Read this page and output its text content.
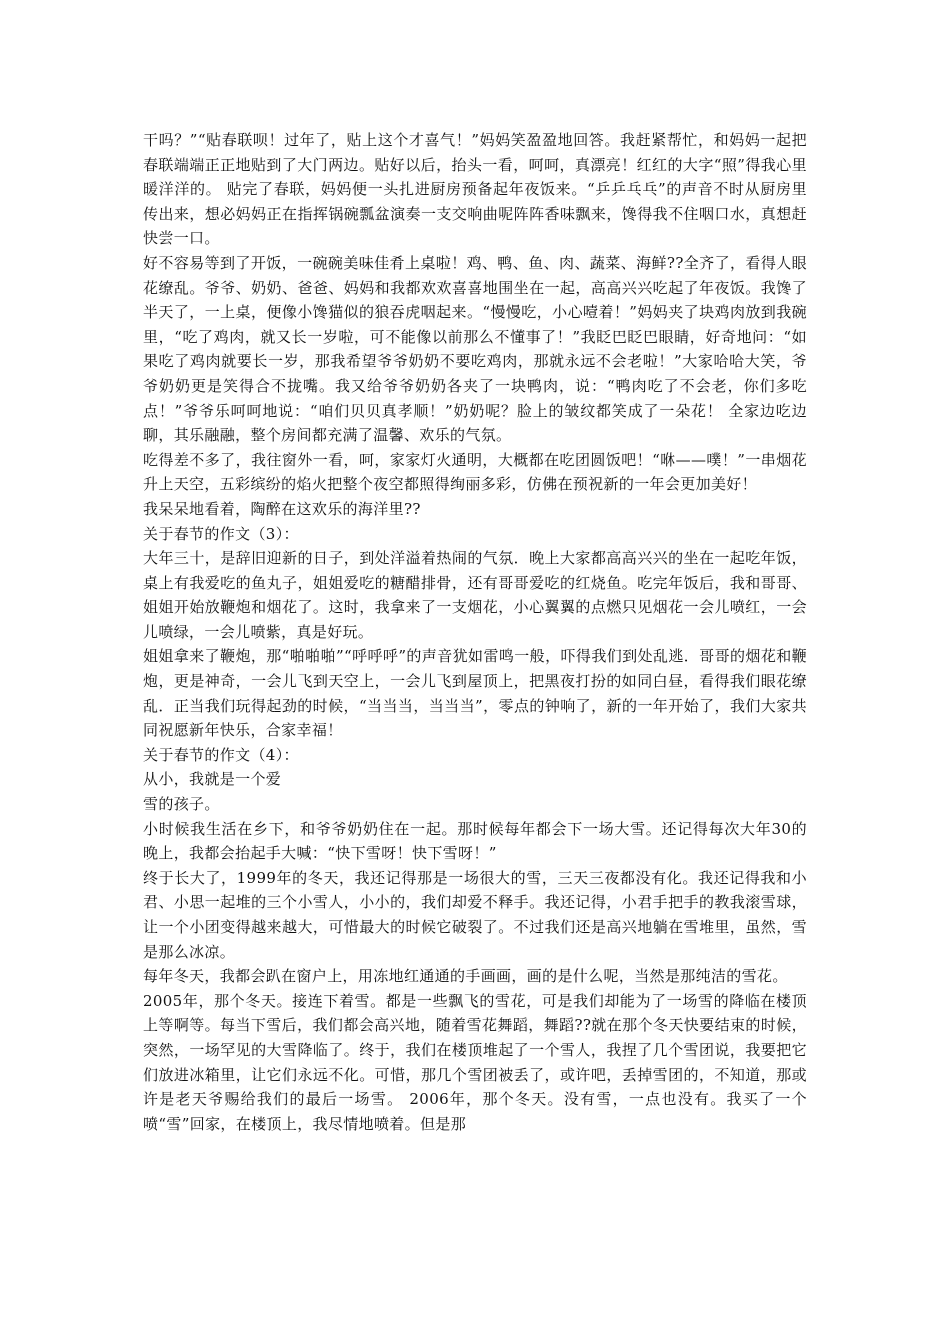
干吗？”“贴春联呗！过年了，贴上这个才喜气！”妈妈笑盈盈地回答。我赶紧帮忙，和妈妈一起把春联端端正正地贴到了大门两边。贴好以后，抬头一看，呵呵，真漂亮！红红的大字“照”得我心里暖洋洋的。 贴完了春联，妈妈便一头扎进厨房预备起年夜饭来。“乒乒乓乓”的声音不时从厨房里传出来，想必妈妈正在指挥锅碗瓢盆演奏一支交响曲呢阵阵香味飘来，馋得我不住咽口水，真想赶快尝一口。

好不容易等到了开饭，一碗碗美味佳肴上桌啦！鸡、鸭、鱼、肉、蔬菜、海鲜??全齐了，看得人眼花缭乱。爷爷、奶奶、爸爸、妈妈和我都欢欢喜喜地围坐在一起，高高兴兴吃起了年夜饭。我馋了半天了，一上桌，便像小馋猫似的狼吞虎咽起来。“慢慢吃，小心噎着！”妈妈夹了块鸡肉放到我碗里，“吃了鸡肉，就又长一岁啦，可不能像以前那么不懂事了！”我眨巴眨巴眼睛，好奇地问：“如果吃了鸡肉就要长一岁，那我希望爷爷奶奶不要吃鸡肉，那就永远不会老啦！”大家哈哈大笑，爷爷奶奶更是笑得合不拢嘴。我又给爷爷奶奶各夹了一块鸭肉，说：“鸭肉吃了不会老，你们多吃点！”爷爷乐呵呵地说：“咱们贝贝真孝顺！”奶奶呢？脸上的皱纹都笑成了一朵花！ 全家边吃边聊，其乐融融，整个房间都充满了温馨、欢乐的气氛。

吃得差不多了，我往窗外一看，呵，家家灯火通明，大概都在吃团圆饭吧！“咻——噗！”一串烟花升上天空，五彩缤纷的焰火把整个夜空都照得绚丽多彩，仿佛在预祝新的一年会更加美好！

我呆呆地看着，陶醉在这欢乐的海洋里??

关于春节的作文（3）：

大年三十，是辞旧迎新的日子，到处洋溢着热闹的气氛．晚上大家都高高兴兴的坐在一起吃年饭，桌上有我爱吃的鱼丸子，姐姐爱吃的糖醋排骨，还有哥哥爱吃的红烧鱼。吃完年饭后，我和哥哥、姐姐开始放鞭炮和烟花了。这时，我拿来了一支烟花，小心翼翼的点燃只见烟花一会儿喷红，一会儿喷绿，一会儿喷紫，真是好玩。

姐姐拿来了鞭炮，那“啪啪啪”“呼呼呼”的声音犹如雷鸣一般，吓得我们到处乱逃．哥哥的烟花和鞭炮，更是神奇，一会儿飞到天空上，一会儿飞到屋顶上，把黑夜打扮的如同白昼，看得我们眼花缭乱．正当我们玩得起劲的时候，“当当当，当当当”，零点的钟响了，新的一年开始了，我们大家共同祝愿新年快乐，合家幸福！

关于春节的作文（4）：

从小，我就是一个爱

雪的孩子。

小时候我生活在乡下，和爷爷奶奶住在一起。那时候每年都会下一场大雪。还记得每次大年30的晚上，我都会抬起手大喊：“快下雪呀！快下雪呀！”

终于长大了，1999年的冬天，我还记得那是一场很大的雪，三天三夜都没有化。我还记得我和小君、小思一起堆的三个小雪人，小小的，我们却爱不释手。我还记得，小君手把手的教我滚雪球，让一个小团变得越来越大，可惜最大的时候它破裂了。不过我们还是高兴地躺在雪堆里，虽然，雪是那么冰凉。

每年冬天，我都会趴在窗户上，用冻地红通通的手画画，画的是什么呢，当然是那纯洁的雪花。

2005年，那个冬天。接连下着雪。都是一些飘飞的雪花，可是我们却能为了一场雪的降临在楼顶上等啊等。每当下雪后，我们都会高兴地，随着雪花舞蹈，舞蹈??就在那个冬天快要结束的时候，突然，一场罕见的大雪降临了。终于，我们在楼顶堆起了一个雪人，我捏了几个雪团说，我要把它们放进冰箱里，让它们永远不化。可惜，那几个雪团被丢了，或许吧，丢掉雪团的，不知道，那或许是老天爷赐给我们的最后一场雪。 2006年，那个冬天。没有雪，一点也没有。我买了一个喷“雪”回家，在楼顶上，我尽情地喷着。但是那
